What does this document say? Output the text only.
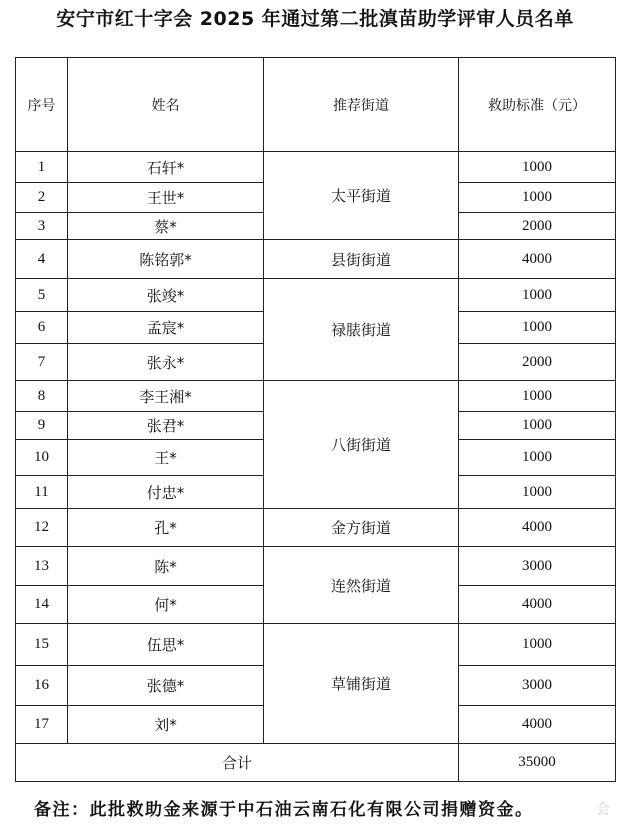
安宁市红十字会 2025 年通过第二批滇苗助学评审人员名单
序号	姓名	推荐街道	救助标准（元）
1	石轩*	太平街道	1000
2	王世*		1000
3	蔡*		2000
4	陈铭郭*	县街街道	4000
5	张竣*	禄脿街道	1000
6	孟宸*		1000
7	张永*		2000
8	李王湘*	八街街道	1000
9	张君*		1000
10	王*		1000
11	付忠*		1000
12	孔*	金方街道	4000
13	陈*	连然街道	3000
14	何*		4000
15	伍思*	草铺街道	1000
16	张德*		3000
17	刘*		4000
合计			35000
备注：此批救助金来源于中石油云南石化有限公司捐赠资金。	会
